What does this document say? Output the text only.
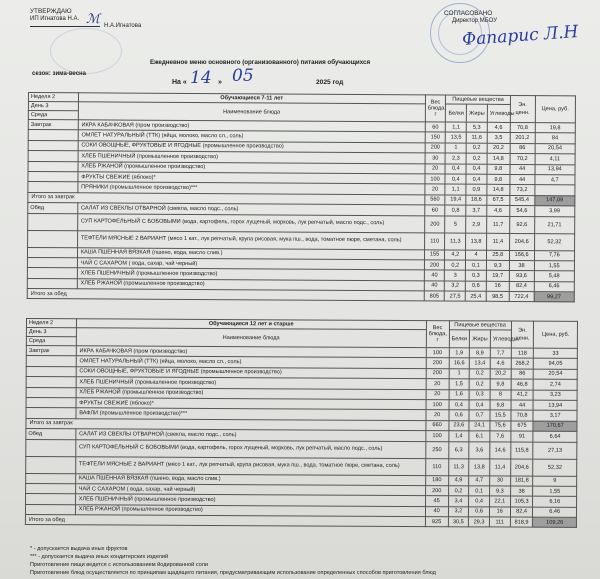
УТВЕРЖДАЮ
ИП Игнатова Н.А.
Н.А.Игнатова
ℳ	СОГЛАСОВАНО
Директор МБОУ
Фапарис Л.Н
Ежедневное меню основного (организованного) питания обучающихся
сезон: зима-весна
На « 14 » 05	2025 год
Неделя 2	Обучающиеся 7-11 лет	Вес блюда, г	Пищевые вещества			Эн. ценн.	Цена, руб.
День 3	Наименование блюда		Белки	Жиры	Углеводы		
Среда							
Завтрак	ИКРА КАБАЧКОВАЯ (пром производство)	60	1,1	5,3	4,6	70,8	19,8
	ОМЛЕТ НАТУРАЛЬНЫЙ (ТТК) (яйца, молоко, масло сл., соль)	150	13,5	11,6	3,5	201,2	84
	СОКИ ОВОЩНЫЕ, ФРУКТОВЫЕ И ЯГОДНЫЕ (промышленное производство)	200	1	0,2	20,2	86	20,54
	ХЛЕБ ПШЕНИЧНЫЙ (промышленное производство)	30	2,3	0,2	14,8	70,2	4,11
	ХЛЕБ РЖАНОЙ (промышленное производство)	20	0,4	0,4	9,8	44	13,94
	ФРУКТЫ СВЕЖИЕ (яблоко)*	100	0,4	0,4	9,8	44	4,7
	ПРЯНИКИ (промышленное производство)***	20	1,1	0,9	14,8	73,2	
Итого за завтрак		560	19,4	18,6	67,5	545,4	147,09
Обед	САЛАТ ИЗ СВЕКЛЫ ОТВАРНОЙ (свекла, масло подс., соль)	60	0,8	3,7	4,6	54,6	3,99
	СУП КАРТОФЕЛЬНЫЙ С БОБОВЫМИ (вода, картофель, горох лущеный, морковь, лук репчатый, масло подс., соль)	200	5	2,9	11,7	92,6	21,71
	ТЕФТЕЛИ МЯСНЫЕ 2 ВАРИАНТ (мясо 1 кат., лук репчатый, крупа рисовая, мука пш., вода, томатное пюре, сметана, соль)	110	11,3	13,8	11,4	204,6	52,32
	КАША ПШЕННАЯ ВЯЗКАЯ (пшено, вода, масло слив.)	155	4,2	4	25,8	156,6	7,76
	ЧАЙ С САХАРОМ ( вода, сахар, чай черный)	200	0,2	0,1	9,3	38	1,55
	ХЛЕБ ПШЕНИЧНЫЙ (промышленное производство)	40	3	0,3	19,7	93,6	5,48
	ХЛЕБ РЖАНОЙ (промышленное производство)	40	3,2	0,6	16	82,4	6,46
Итого за обед		805	27,5	25,4	98,5	722,4	99,27
Неделя 2	Обучающиеся 12 лет и старше	Вес блюда, г	Пищевые вещества			Эн. ценн.	Цена, руб.
День 3	Наименование блюда		Белки	Жиры	Углеводы		
Среда							
Завтрак	ИКРА КАБАЧКОВАЯ (пром производство)	100	1,9	8,9	7,7	118	33
	ОМЛЕТ НАТУРАЛЬНЫЙ (ТТК) (яйца, молоко, масло сл., соль)	200	16,6	13,4	4,6	268,2	94,05
	СОКИ ОВОЩНЫЕ, ФРУКТОВЫЕ И ЯГОДНЫЕ (промышленное производство)	200	1	0,2	20,2	86	20,54
	ХЛЕБ ПШЕНИЧНЫЙ (промышленное производство)	20	1,5	0,2	9,8	46,8	2,74
	ХЛЕБ РЖАНОЙ (промышленное производство)	20	1,6	0,3	8	41,2	3,23
	ФРУКТЫ СВЕЖИЕ (яблоко)*	100	0,4	0,4	9,8	44	13,94
	ВАФЛИ (промышленное производство)***	20	0,6	0,7	15,5	70,8	3,17
Итого за завтрак		660	23,6	24,1	75,6	675	170,67
Обед	САЛАТ ИЗ СВЕКЛЫ ОТВАРНОЙ (свекла, масло подс., соль)	100	1,4	6,1	7,6	91	6,64
	СУП КАРТОФЕЛЬНЫЙ С БОБОВЫМИ (вода, картофель, горох лущеный, морковь, лук репчатый, масло подс., соль)	250	6,3	3,6	14,6	115,8	27,13
	ТЕФТЕЛИ МЯСНЫЕ 2 ВАРИАНТ (мясо 1 кат., лук репчатый, крупа рисовая, мука пш., вода, томатное пюре, сметана, соль)	110	11,3	13,8	11,4	204,6	52,32
	КАША ПШЕННАЯ ВЯЗКАЯ (пшено, вода, масло слив.)	180	4,9	4,7	30	181,8	9
	ЧАЙ С САХАРОМ ( вода, сахар, чай черный)	200	0,2	0,1	9,3	38	1,55
	ХЛЕБ ПШЕНИЧНЫЙ (промышленное производство)	45	3,4	0,4	22,1	105,3	6,16
	ХЛЕБ РЖАНОЙ (промышленное производство)	40	3,2	0,6	16	82,4	6,46
Итого за обед		925	30,5	29,3	111	818,9	109,26
* - допускается выдача иных фруктов
*** - допускается выдача иных кондитерских изделий
Приготовление пищи ведется с использованием йодированной соли
Приготовление блюд осуществляется по принципам щадящего питания, предусматривающим использование определенных способов приготовления блюд
